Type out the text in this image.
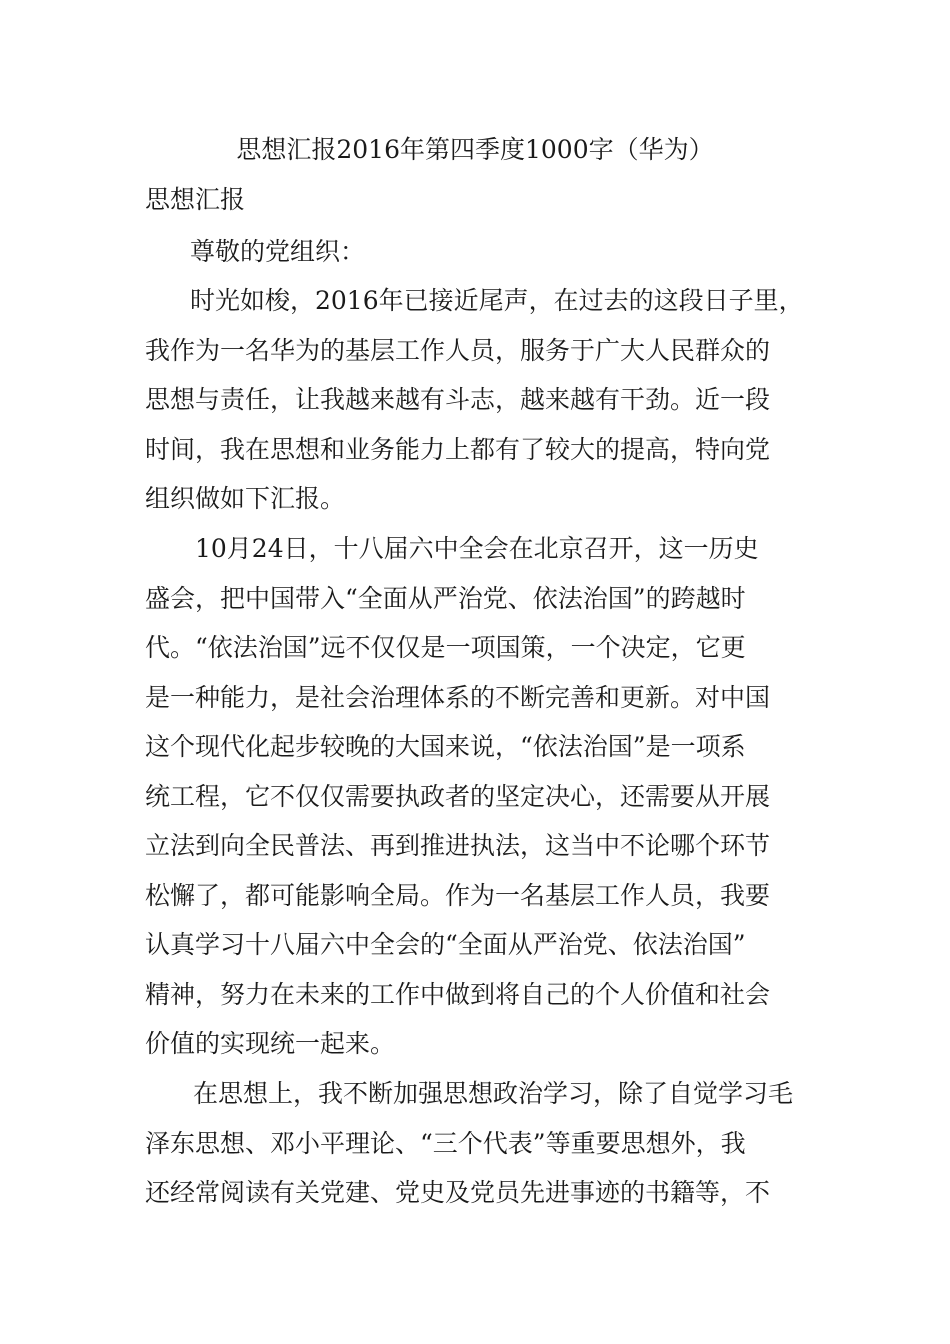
思想汇报2016年第四季度1000字（华为）
思想汇报
尊敬的党组织：
时光如梭，2016年已接近尾声，在过去的这段日子里，
我作为一名华为的基层工作人员，服务于广大人民群众的
思想与责任，让我越来越有斗志，越来越有干劲。近一段
时间，我在思想和业务能力上都有了较大的提高，特向党
组织做如下汇报。
10月24日，十八届六中全会在北京召开，这一历史
盛会，把中国带入“全面从严治党、依法治国”的跨越时
代。“依法治国”远不仅仅是一项国策，一个决定，它更
是一种能力，是社会治理体系的不断完善和更新。对中国
这个现代化起步较晚的大国来说，“依法治国”是一项系
统工程，它不仅仅需要执政者的坚定决心，还需要从开展
立法到向全民普法、再到推进执法，这当中不论哪个环节
松懈了，都可能影响全局。作为一名基层工作人员，我要
认真学习十八届六中全会的“全面从严治党、依法治国”
精神，努力在未来的工作中做到将自己的个人价值和社会
价值的实现统一起来。
在思想上，我不断加强思想政治学习，除了自觉学习毛
泽东思想、邓小平理论、“三个代表”等重要思想外，我
还经常阅读有关党建、党史及党员先进事迹的书籍等，不
